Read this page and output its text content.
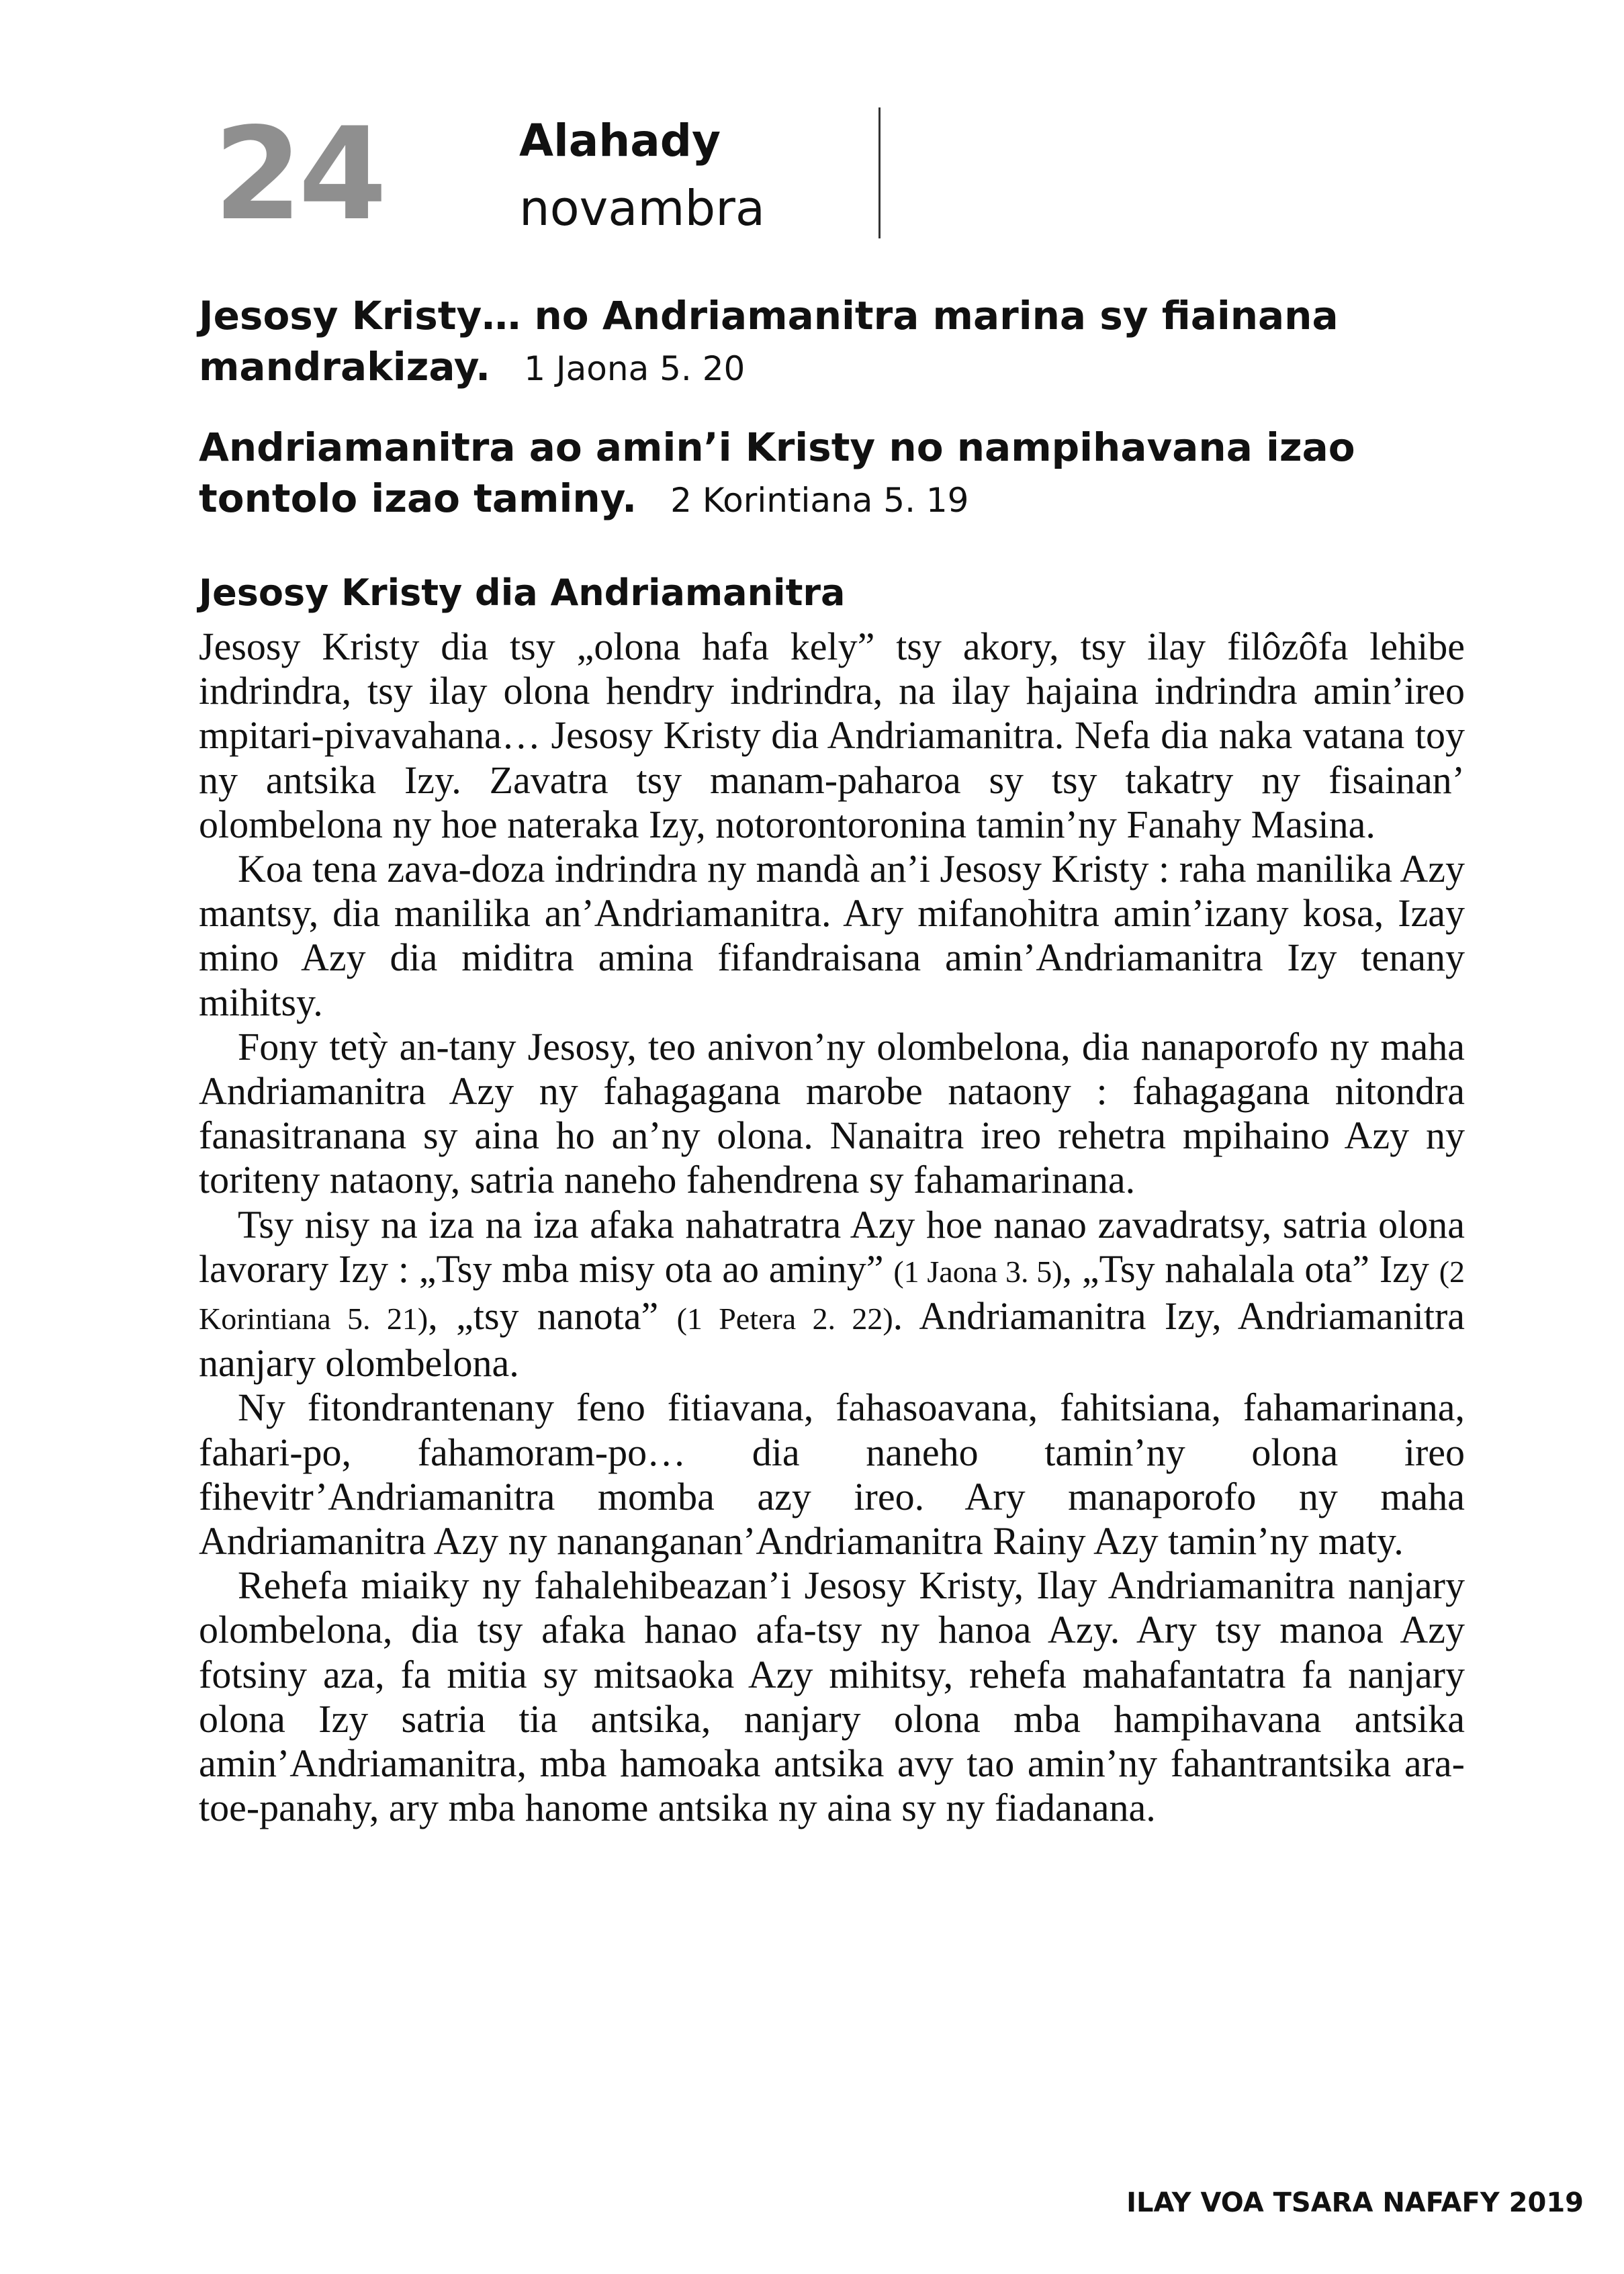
24	Alahady
novambra
Jesosy Kristy… no Andriamanitra marina sy fiainana mandrakizay. 1 Jaona 5. 20
Andriamanitra ao amin’i Kristy no nampihavana izao tontolo izao taminy. 2 Korintiana 5. 19
Jesosy Kristy dia Andriamanitra

Jesosy Kristy dia tsy „olona hafa kely” tsy akory, tsy ilay filôzôfa lehibe indrindra, tsy ilay olona hendry indrindra, na ilay hajaina indrindra amin’ireo mpitari-pivavahana… Jesosy Kristy dia Andriamanitra. Nefa dia naka vatana toy ny antsika Izy. Zavatra tsy manam-paharoa sy tsy takatry ny fisainan’ olombelona ny hoe nateraka Izy, notorontoronina tamin’ny Fanahy Masina.

Koa tena zava-doza indrindra ny mandà an’i Jesosy Kristy : raha manilika Azy mantsy, dia manilika an’Andriamanitra. Ary mifanohitra amin’izany kosa, Izay mino Azy dia miditra amina fifandraisana amin’Andriamanitra Izy tenany mihitsy.

Fony tetỳ an-tany Jesosy, teo anivon’ny olombelona, dia nanaporofo ny maha Andriamanitra Azy ny fahagagana marobe nataony : fahagagana nitondra fanasitranana sy aina ho an’ny olona. Nanaitra ireo rehetra mpihaino Azy ny toriteny nataony, satria naneho fahendrena sy fahamarinana.

Tsy nisy na iza na iza afaka nahatratra Azy hoe nanao zavadratsy, satria olona lavorary Izy : „Tsy mba misy ota ao aminy” (1 Jaona 3. 5), „Tsy nahalala ota” Izy (2 Korintiana 5. 21), „tsy nanota” (1 Petera 2. 22). Andriamanitra Izy, Andriamanitra nanjary olombelona.

Ny fitondrantenany feno fitiavana, fahasoavana, fahitsiana, fahamarinana, fahari-po, fahamoram-po… dia naneho tamin’ny olona ireo fihevitr’Andriamanitra momba azy ireo. Ary manaporofo ny maha Andriamanitra Azy ny nananganan’Andriamanitra Rainy Azy tamin’ny maty.

Rehefa miaiky ny fahalehibeazan’i Jesosy Kristy, Ilay Andriamanitra nanjary olombelona, dia tsy afaka hanao afa-tsy ny hanoa Azy. Ary tsy manoa Azy fotsiny aza, fa mitia sy mitsaoka Azy mihitsy, rehefa mahafantatra fa nanjary olona Izy satria tia antsika, nanjary olona mba hampihavana antsika amin’Andriamanitra, mba hamoaka antsika avy tao amin’ny fahantrantsika ara-toe-panahy, ary mba hanome antsika ny aina sy ny fiadanana.

ILAY VOA TSARA NAFAFY 2019
